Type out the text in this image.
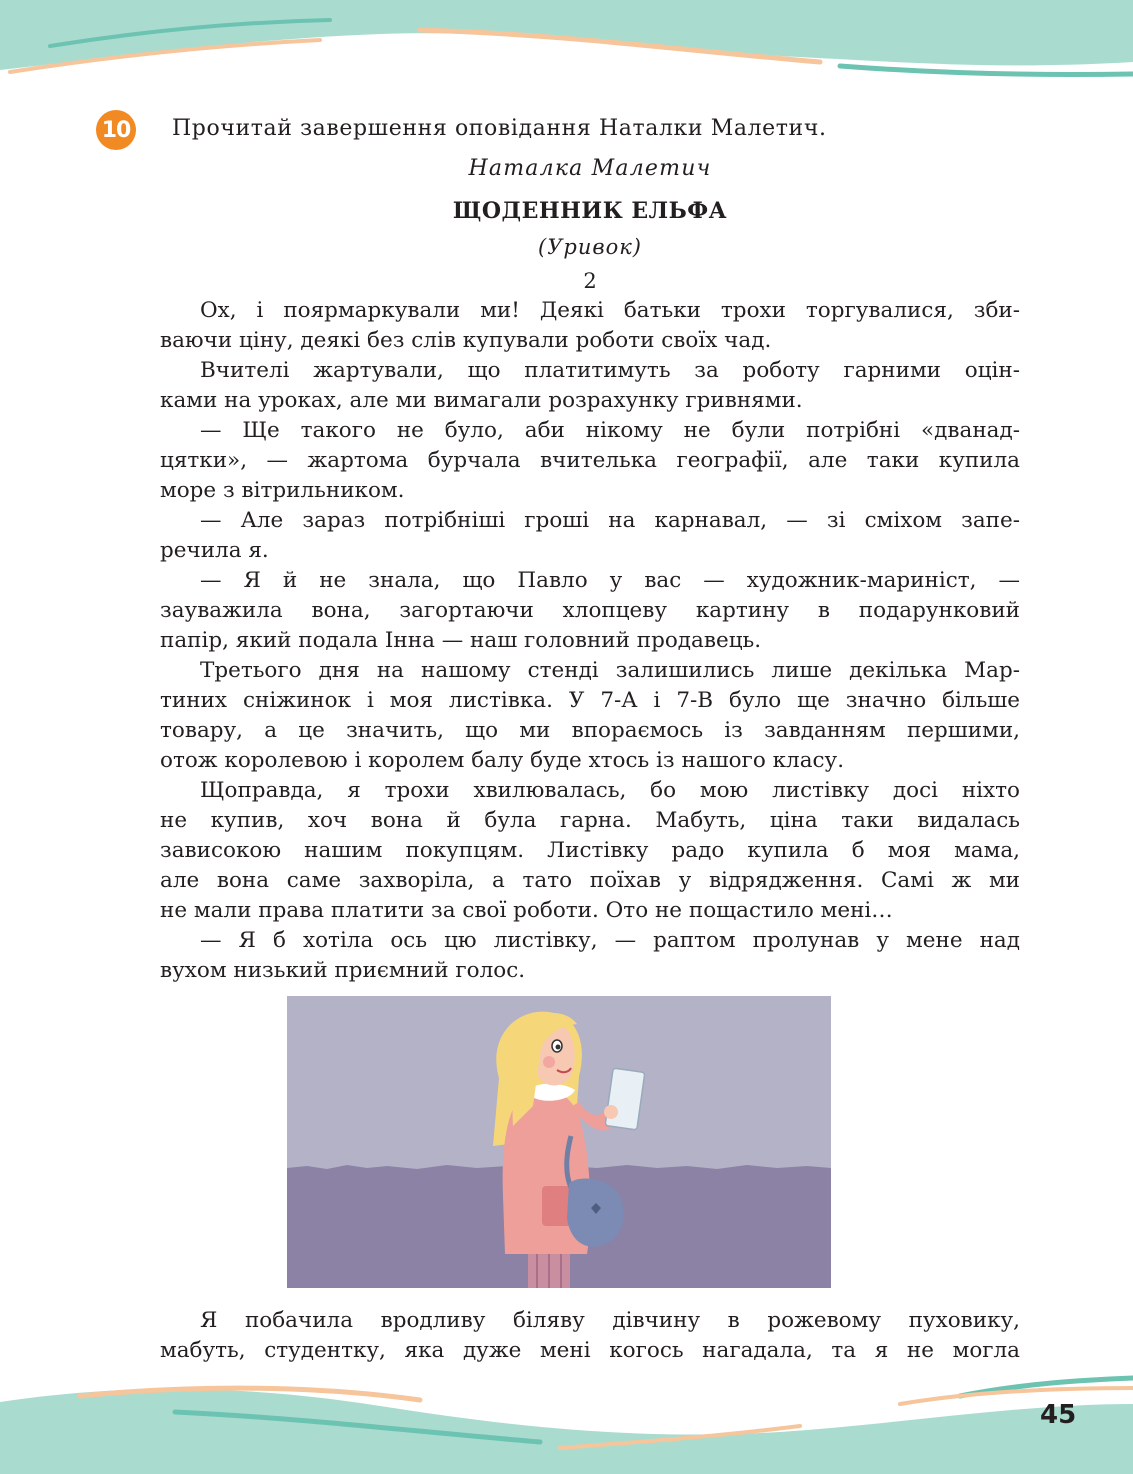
10 Прочитай завершення оповідання Наталки Малетич.
Наталка Малетич
ЩОДЕННИК ЕЛЬФА
(Уривок)
2
Ох, і поярмаркували ми! Деякі батьки трохи торгувалися, зби-
ваючи ціну, деякі без слів купували роботи своїх чад.
Вчителі жартували, що платитимуть за роботу гарними оцін-
ками на уроках, але ми вимагали розрахунку гривнями.
— Ще такого не було, аби нікому не були потрібні «дванад-
цятки», — жартома бурчала вчителька географії, але таки купила
море з вітрильником.
— Але зараз потрібніші гроші на карнавал, — зі сміхом запе-
речила я.
— Я й не знала, що Павло у вас — художник-мариніст, —
зауважила вона, загортаючи хлопцеву картину в подарунковий
папір, який подала Інна — наш головний продавець.
Третього дня на нашому стенді залишились лише декілька Мар-
тиних сніжинок і моя листівка. У 7-А і 7-В було ще значно більше
товару, а це значить, що ми впораємось із завданням першими,
отож королевою і королем балу буде хтось із нашого класу.
Щоправда, я трохи хвилювалась, бо мою листівку досі ніхто
не купив, хоч вона й була гарна. Мабуть, ціна таки видалась
зависокою нашим покупцям. Листівку радо купила б моя мама,
але вона саме захворіла, а тато поїхав у відрядження. Самі ж ми
не мали права платити за свої роботи. Ото не пощастило мені…
— Я б хотіла ось цю листівку, — раптом пролунав у мене над
вухом низький приємний голос.
Я побачила вродливу біляву дівчину в рожевому пуховику,
мабуть, студентку, яка дуже мені когось нагадала, та я не могла
45
